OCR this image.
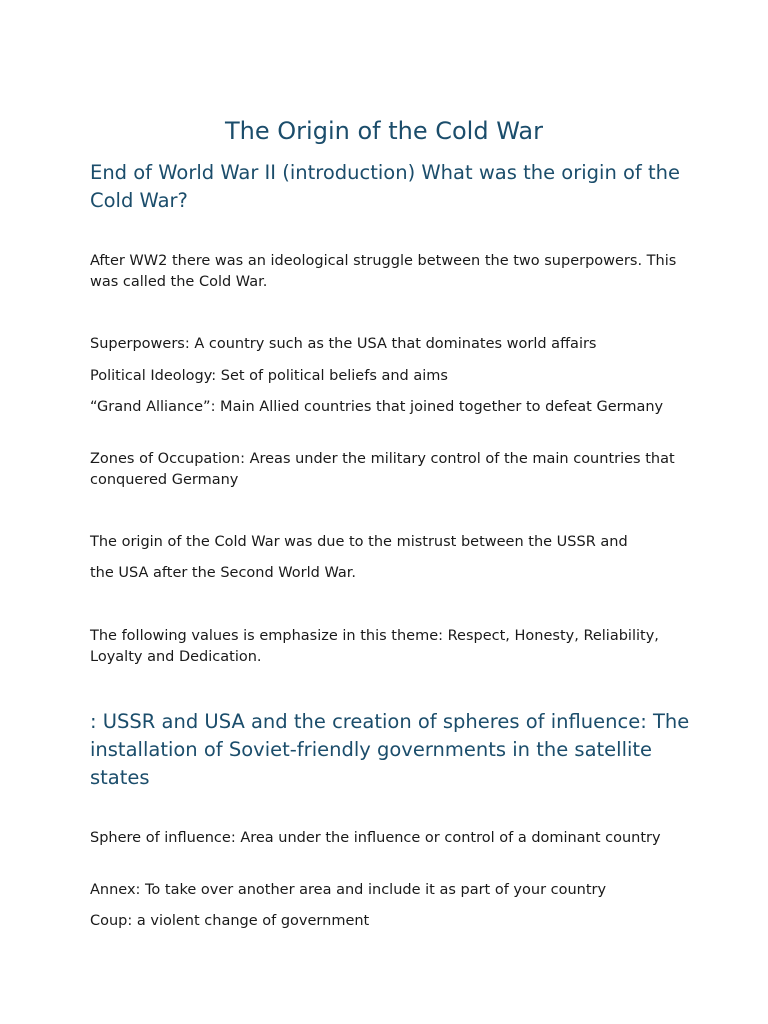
The Origin of the Cold War
End of World War II (introduction) What was the origin of the Cold War?

After WW2 there was an ideological struggle between the two superpowers. This was called the Cold War.

Superpowers: A country such as the USA that dominates world affairs

Political Ideology: Set of political beliefs and aims

“Grand Alliance”: Main Allied countries that joined together to defeat Germany

Zones of Occupation: Areas under the military control of the main countries that conquered Germany

The origin of the Cold War was due to the mistrust between the USSR and

the USA after the Second World War.

The following values is emphasize in this theme: Respect, Honesty, Reliability, Loyalty and Dedication.

: USSR and USA and the creation of spheres of influence: The installation of Soviet-friendly governments in the satellite states

Sphere of influence: Area under the influence or control of a dominant country

Annex: To take over another area and include it as part of your country

Coup: a violent change of government
